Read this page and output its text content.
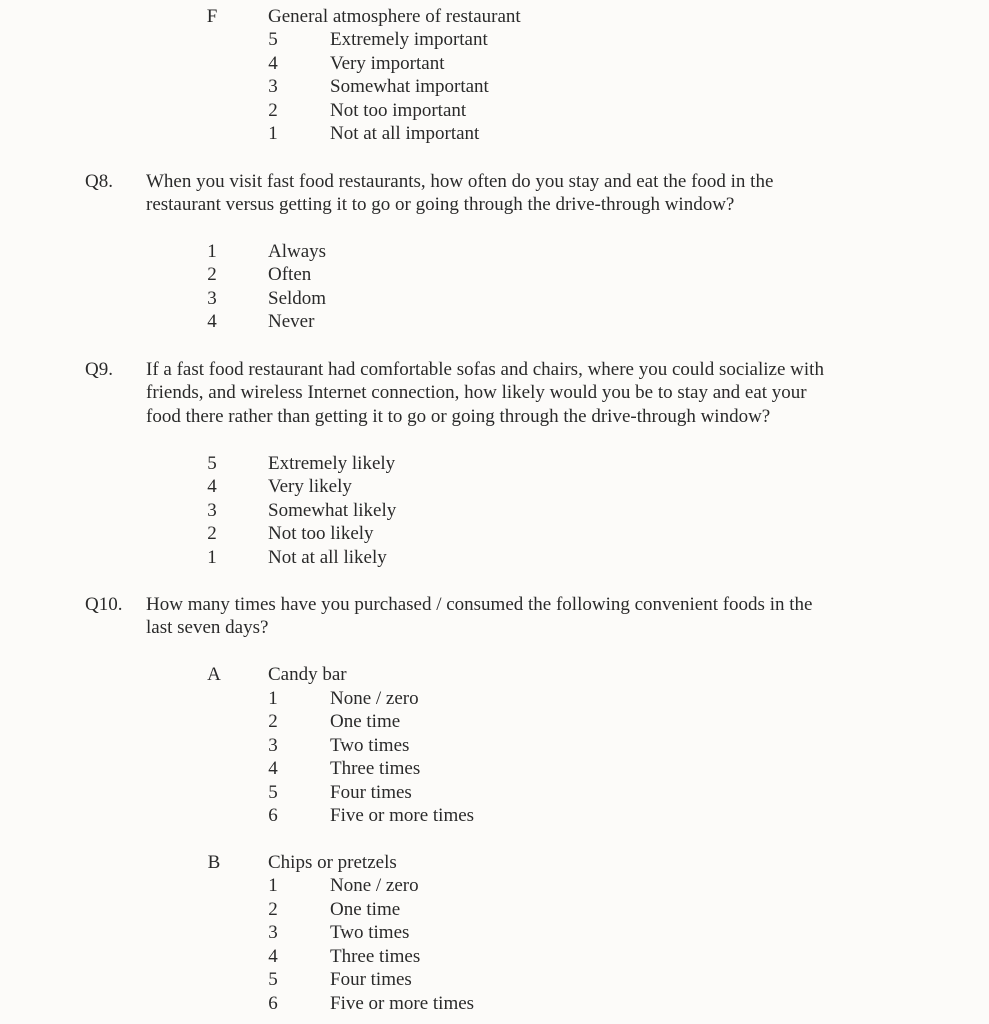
F	General atmosphere of restaurant
5	Extremely important
4	Very important
3	Somewhat important
2	Not too important
1	Not at all important
Q8. When you visit fast food restaurants, how often do you stay and eat the food in the
restaurant versus getting it to go or going through the drive-through window?
1	Always
2	Often
3	Seldom
4	Never
Q9. If a fast food restaurant had comfortable sofas and chairs, where you could socialize with
friends, and wireless Internet connection, how likely would you be to stay and eat your
food there rather than getting it to go or going through the drive-through window?
5	Extremely likely
4	Very likely
3	Somewhat likely
2	Not too likely
1	Not at all likely
Q10. How many times have you purchased / consumed the following convenient foods in the
last seven days?
A Candy bar
1	None / zero
2	One time
3	Two times
4	Three times
5	Four times
6	Five or more times
B	Chips or pretzels
1	None / zero
2	One time
3	Two times
4	Three times
5	Four times
6	Five or more times
